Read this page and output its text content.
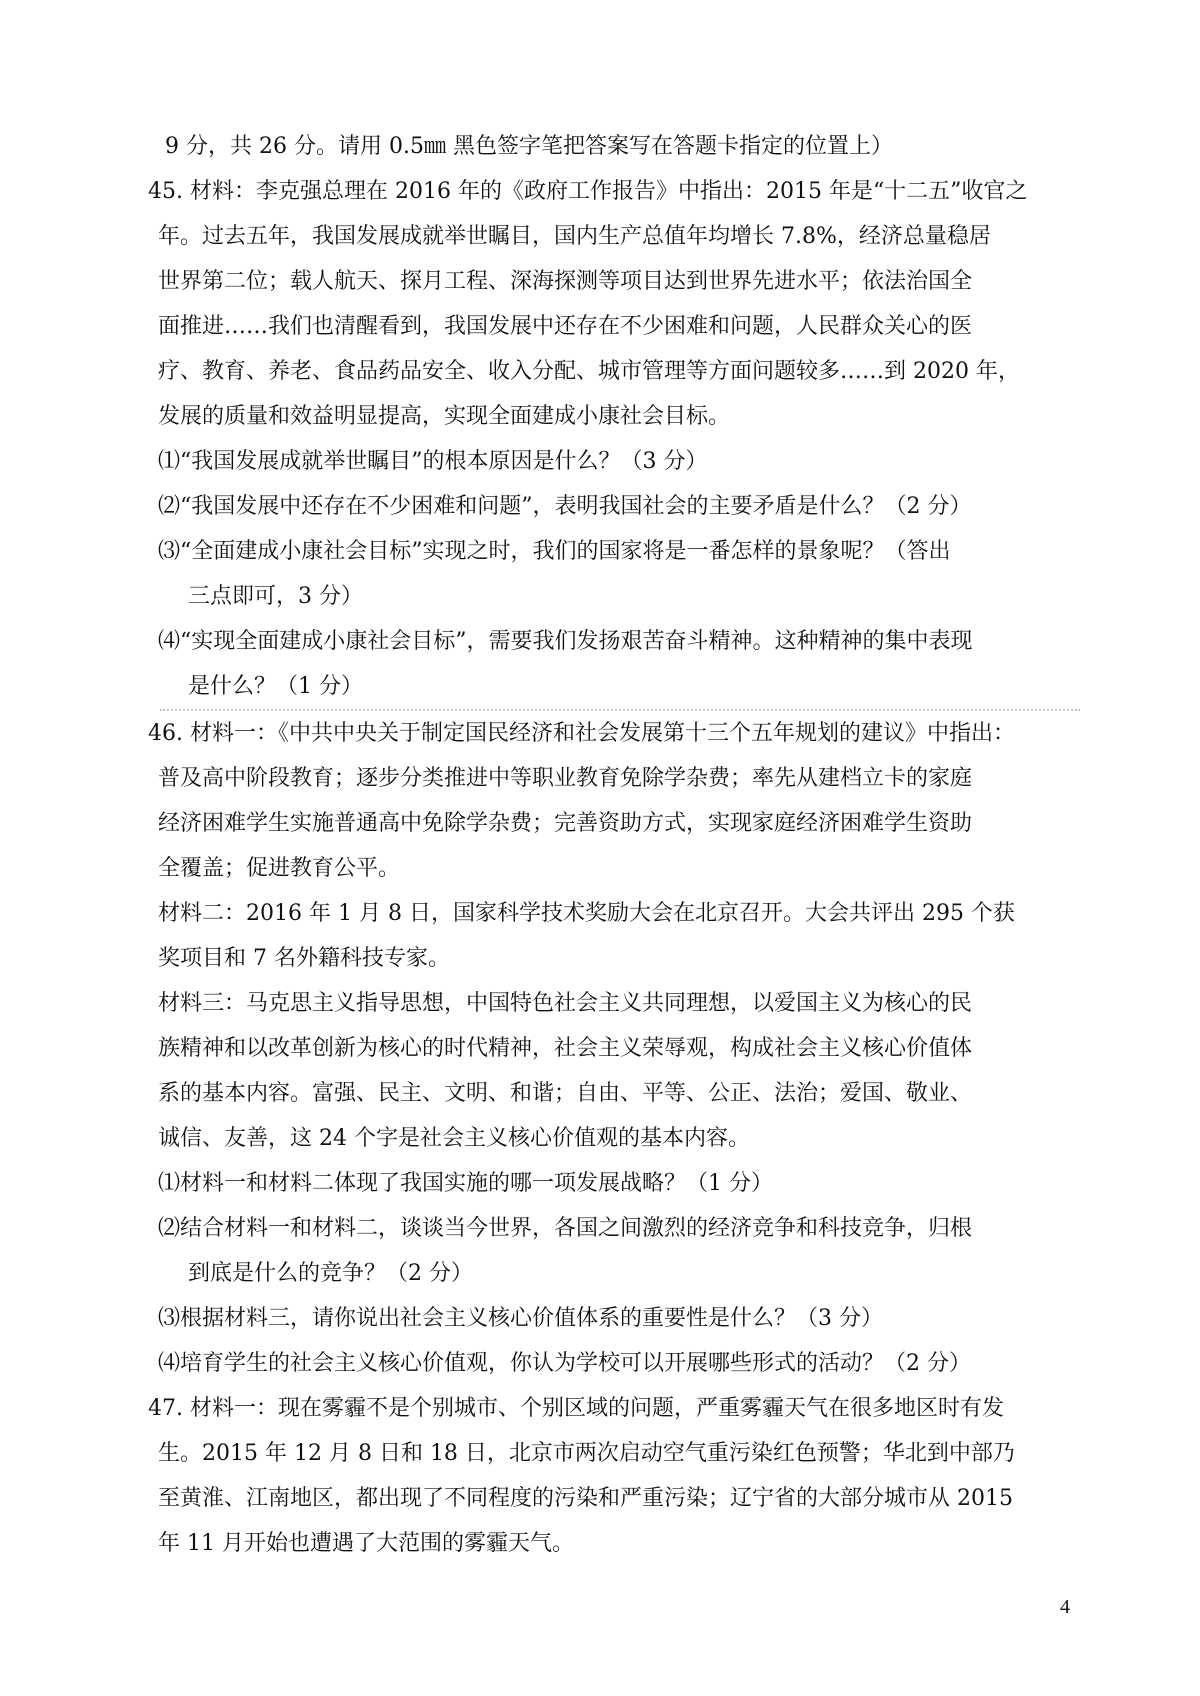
9 分，共 26 分。请用 0.5㎜ 黑色签字笔把答案写在答题卡指定的位置上）
45. 材料：李克强总理在 2016 年的《政府工作报告》中指出：2015 年是“十二五”收官之
年。过去五年，我国发展成就举世瞩目，国内生产总值年均增长 7.8%，经济总量稳居
世界第二位；载人航天、探月工程、深海探测等项目达到世界先进水平；依法治国全
面推进……我们也清醒看到，我国发展中还存在不少困难和问题，人民群众关心的医
疗、教育、养老、食品药品安全、收入分配、城市管理等方面问题较多……到 2020 年，
发展的质量和效益明显提高，实现全面建成小康社会目标。
⑴“我国发展成就举世瞩目”的根本原因是什么？（3 分）
⑵“我国发展中还存在不少困难和问题”，表明我国社会的主要矛盾是什么？（2 分）
⑶“全面建成小康社会目标”实现之时，我们的国家将是一番怎样的景象呢？（答出
三点即可，3 分）
⑷“实现全面建成小康社会目标”，需要我们发扬艰苦奋斗精神。这种精神的集中表现
是什么？（1 分）
46. 材料一：《中共中央关于制定国民经济和社会发展第十三个五年规划的建议》中指出：
普及高中阶段教育；逐步分类推进中等职业教育免除学杂费；率先从建档立卡的家庭
经济困难学生实施普通高中免除学杂费；完善资助方式，实现家庭经济困难学生资助
全覆盖；促进教育公平。
材料二：2016 年 1 月 8 日，国家科学技术奖励大会在北京召开。大会共评出 295 个获
奖项目和 7 名外籍科技专家。
材料三：马克思主义指导思想，中国特色社会主义共同理想，以爱国主义为核心的民
族精神和以改革创新为核心的时代精神，社会主义荣辱观，构成社会主义核心价值体
系的基本内容。富强、民主、文明、和谐；自由、平等、公正、法治；爱国、敬业、
诚信、友善，这 24 个字是社会主义核心价值观的基本内容。
⑴材料一和材料二体现了我国实施的哪一项发展战略？（1 分）
⑵结合材料一和材料二，谈谈当今世界，各国之间激烈的经济竞争和科技竞争，归根
到底是什么的竞争？（2 分）
⑶根据材料三，请你说出社会主义核心价值体系的重要性是什么？（3 分）
⑷培育学生的社会主义核心价值观，你认为学校可以开展哪些形式的活动？（2 分）
47. 材料一：现在雾霾不是个别城市、个别区域的问题，严重雾霾天气在很多地区时有发
生。2015 年 12 月 8 日和 18 日，北京市两次启动空气重污染红色预警；华北到中部乃
至黄淮、江南地区，都出现了不同程度的污染和严重污染；辽宁省的大部分城市从 2015
年 11 月开始也遭遇了大范围的雾霾天气。
4
